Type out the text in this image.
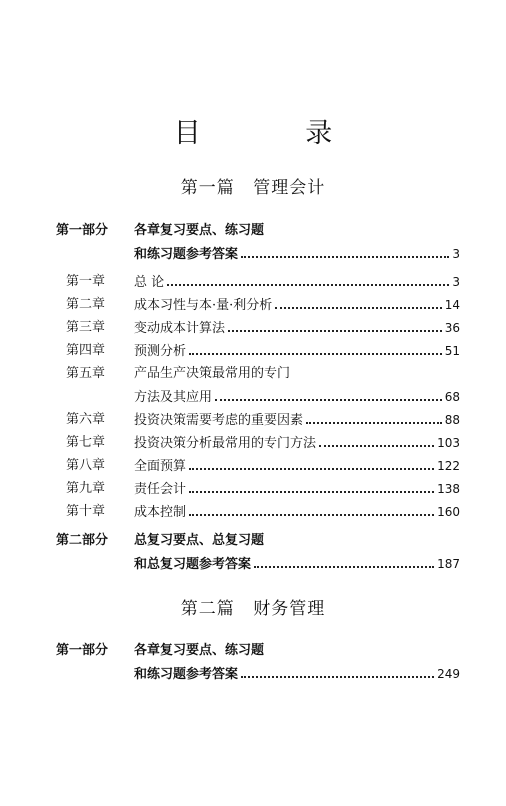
目 录
第一篇 管理会计
第一部分	各章复习要点、练习题
和练习题参考答案	3
第一章	总 论	3
第二章	成本习性与本·量·利分析	14
第三章	变动成本计算法	36
第四章	预测分析	51
第五章	产品生产决策最常用的专门
方法及其应用	68
第六章	投资决策需要考虑的重要因素	88
第七章	投资决策分析最常用的专门方法	103
第八章	全面预算	122
第九章	责任会计	138
第十章	成本控制	160
第二部分	总复习要点、总复习题
和总复习题参考答案	187
第二篇 财务管理
第一部分	各章复习要点、练习题
和练习题参考答案	249
